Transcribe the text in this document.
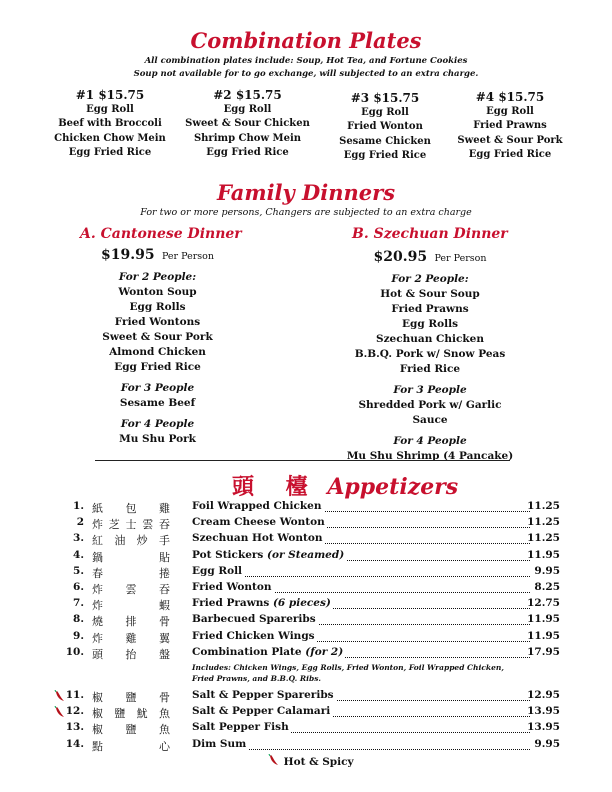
Combination Plates
All combination plates include: Soup, Hot Tea, and Fortune Cookies
Soup not available for to go exchange, will subjected to an extra charge.
#1 $15.75
Egg Roll
Beef with Broccoli
Chicken Chow Mein
Egg Fried Rice
#2 $15.75
Egg Roll
Sweet & Sour Chicken
Shrimp Chow Mein
Egg Fried Rice
#3 $15.75
Egg Roll
Fried Wonton
Sesame Chicken
Egg Fried Rice
#4 $15.75
Egg Roll
Fried Prawns
Sweet & Sour Pork
Egg Fried Rice
Family Dinners
For two or more persons, Changers are subjected to an extra charge
A. Cantonese Dinner	B. Szechuan Dinner
$19.95 Per Person
For 2 People:
Wonton Soup
Egg Rolls
Fried Wontons
Sweet & Sour Pork
Almond Chicken
Egg Fried Rice
For 3 People
Sesame Beef
For 4 People
Mu Shu Pork
$20.95 Per Person
For 2 People:
Hot & Sour Soup
Fried Prawns
Egg Rolls
Szechuan Chicken
B.B.Q. Pork w/ Snow Peas
Fried Rice
For 3 People
Shredded Pork w/ Garlic Sauce
For 4 People
Mu Shu Shrimp (4 Pancake)
頭 檯 Appetizers
1. 紙 包 雞 Foil Wrapped Chicken	11.25
2 炸 芝 士 雲 吞 Cream Cheese Wonton	11.25
3. 紅 油 炒 手 Szechuan Hot Wonton	11.25
4. 鍋	貼 Pot Stickers (or Steamed)	11.95
5. 春	捲 Egg Roll	9.95
6. 炸 雲 吞 Fried Wonton	8.25
7. 炸	蝦 Fried Prawns (6 pieces)	12.75
8. 燒 排 骨 Barbecued Spareribs	11.95
9. 炸 雞 翼 Fried Chicken Wings	11.95
10. 頭 抬 盤 Combination Plate (for 2)	17.95
Includes: Chicken Wings, Egg Rolls, Fried Wonton, Foil Wrapped Chicken,
Fried Prawns, and B.B.Q. Ribs.
11. 椒 鹽 骨 Salt & Pepper Spareribs	12.95
12. 椒 鹽 魷 魚 Salt & Pepper Calamari	13.95
13. 椒 鹽 魚 Salt Pepper Fish	13.95
14. 點	心 Dim Sum	9.95
Hot & Spicy
